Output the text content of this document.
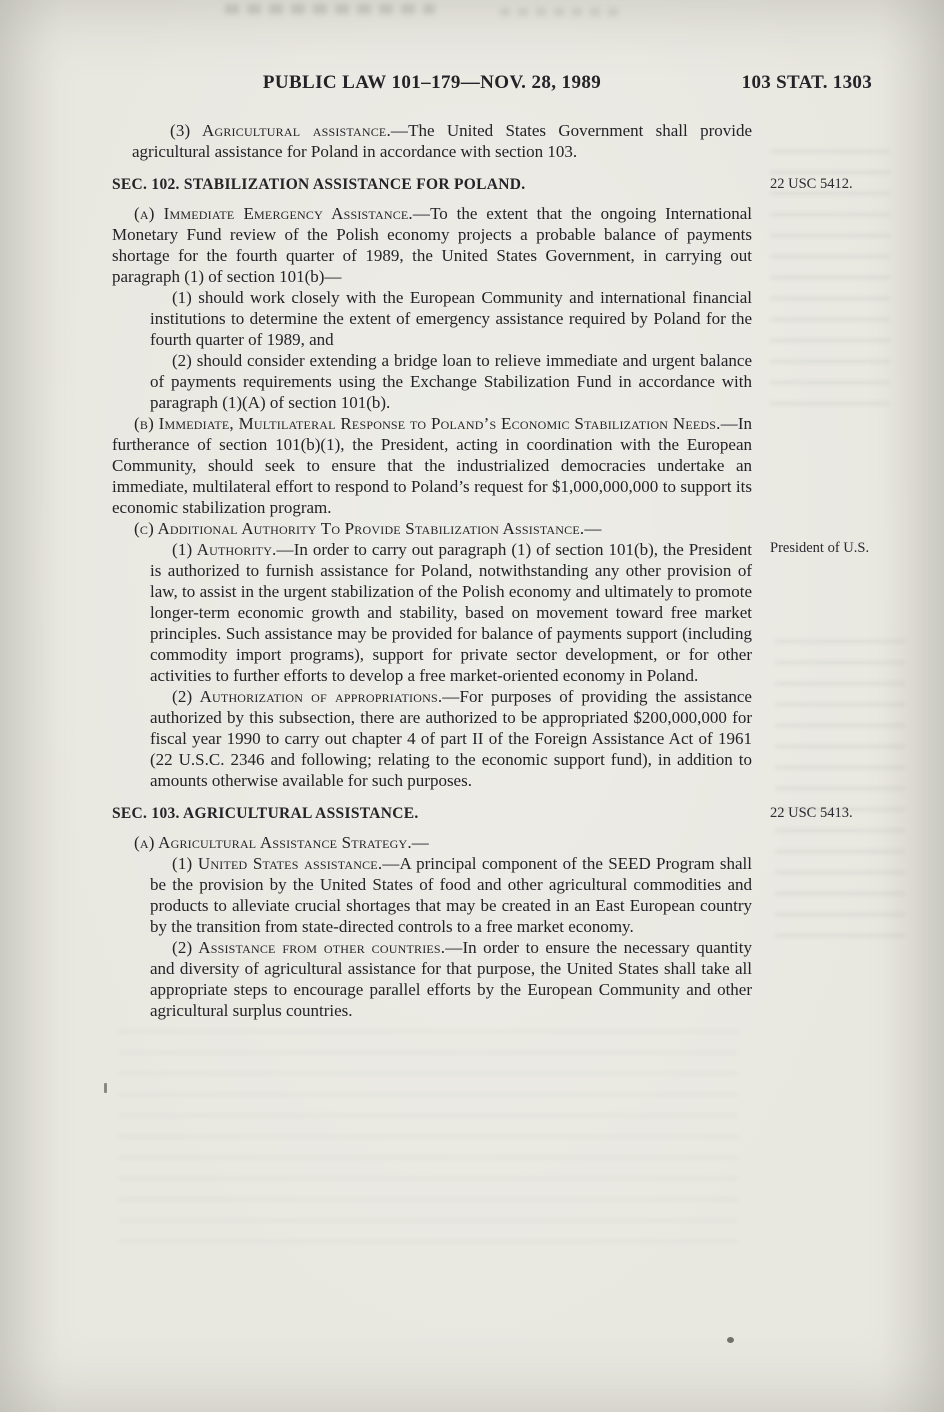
PUBLIC LAW 101–179—NOV. 28, 1989	103 STAT. 1303
(3) Agricultural assistance.—The United States Government shall provide agricultural assistance for Poland in accordance with section 103.
SEC. 102. STABILIZATION ASSISTANCE FOR POLAND.	22 USC 5412.
(a) Immediate Emergency Assistance.—To the extent that the ongoing International Monetary Fund review of the Polish economy projects a probable balance of payments shortage for the fourth quarter of 1989, the United States Government, in carrying out paragraph (1) of section 101(b)—
(1) should work closely with the European Community and international financial institutions to determine the extent of emergency assistance required by Poland for the fourth quarter of 1989, and
(2) should consider extending a bridge loan to relieve immediate and urgent balance of payments requirements using the Exchange Stabilization Fund in accordance with paragraph (1)(A) of section 101(b).
(b) Immediate, Multilateral Response to Poland’s Economic Stabilization Needs.—In furtherance of section 101(b)(1), the President, acting in coordination with the European Community, should seek to ensure that the industrialized democracies undertake an immediate, multilateral effort to respond to Poland’s request for $1,000,000,000 to support its economic stabilization program.
(c) Additional Authority To Provide Stabilization Assistance.—
(1) Authority.—In order to carry out paragraph (1) of section 101(b), the President is authorized to furnish assistance for Poland, notwithstanding any other provision of law, to assist in the urgent stabilization of the Polish economy and ultimately to promote longer-term economic growth and stability, based on movement toward free market principles. Such assistance may be provided for balance of payments support (including commodity import programs), support for private sector development, or for other activities to further efforts to develop a free market-oriented economy in Poland.
President of U.S.
(2) Authorization of appropriations.—For purposes of providing the assistance authorized by this subsection, there are authorized to be appropriated $200,000,000 for fiscal year 1990 to carry out chapter 4 of part II of the Foreign Assistance Act of 1961 (22 U.S.C. 2346 and following; relating to the economic support fund), in addition to amounts otherwise available for such purposes.
SEC. 103. AGRICULTURAL ASSISTANCE.	22 USC 5413.
(a) Agricultural Assistance Strategy.—
(1) United States assistance.—A principal component of the SEED Program shall be the provision by the United States of food and other agricultural commodities and products to alleviate crucial shortages that may be created in an East European country by the transition from state-directed controls to a free market economy.
(2) Assistance from other countries.—In order to ensure the necessary quantity and diversity of agricultural assistance for that purpose, the United States shall take all appropriate steps to encourage parallel efforts by the European Community and other agricultural surplus countries.
